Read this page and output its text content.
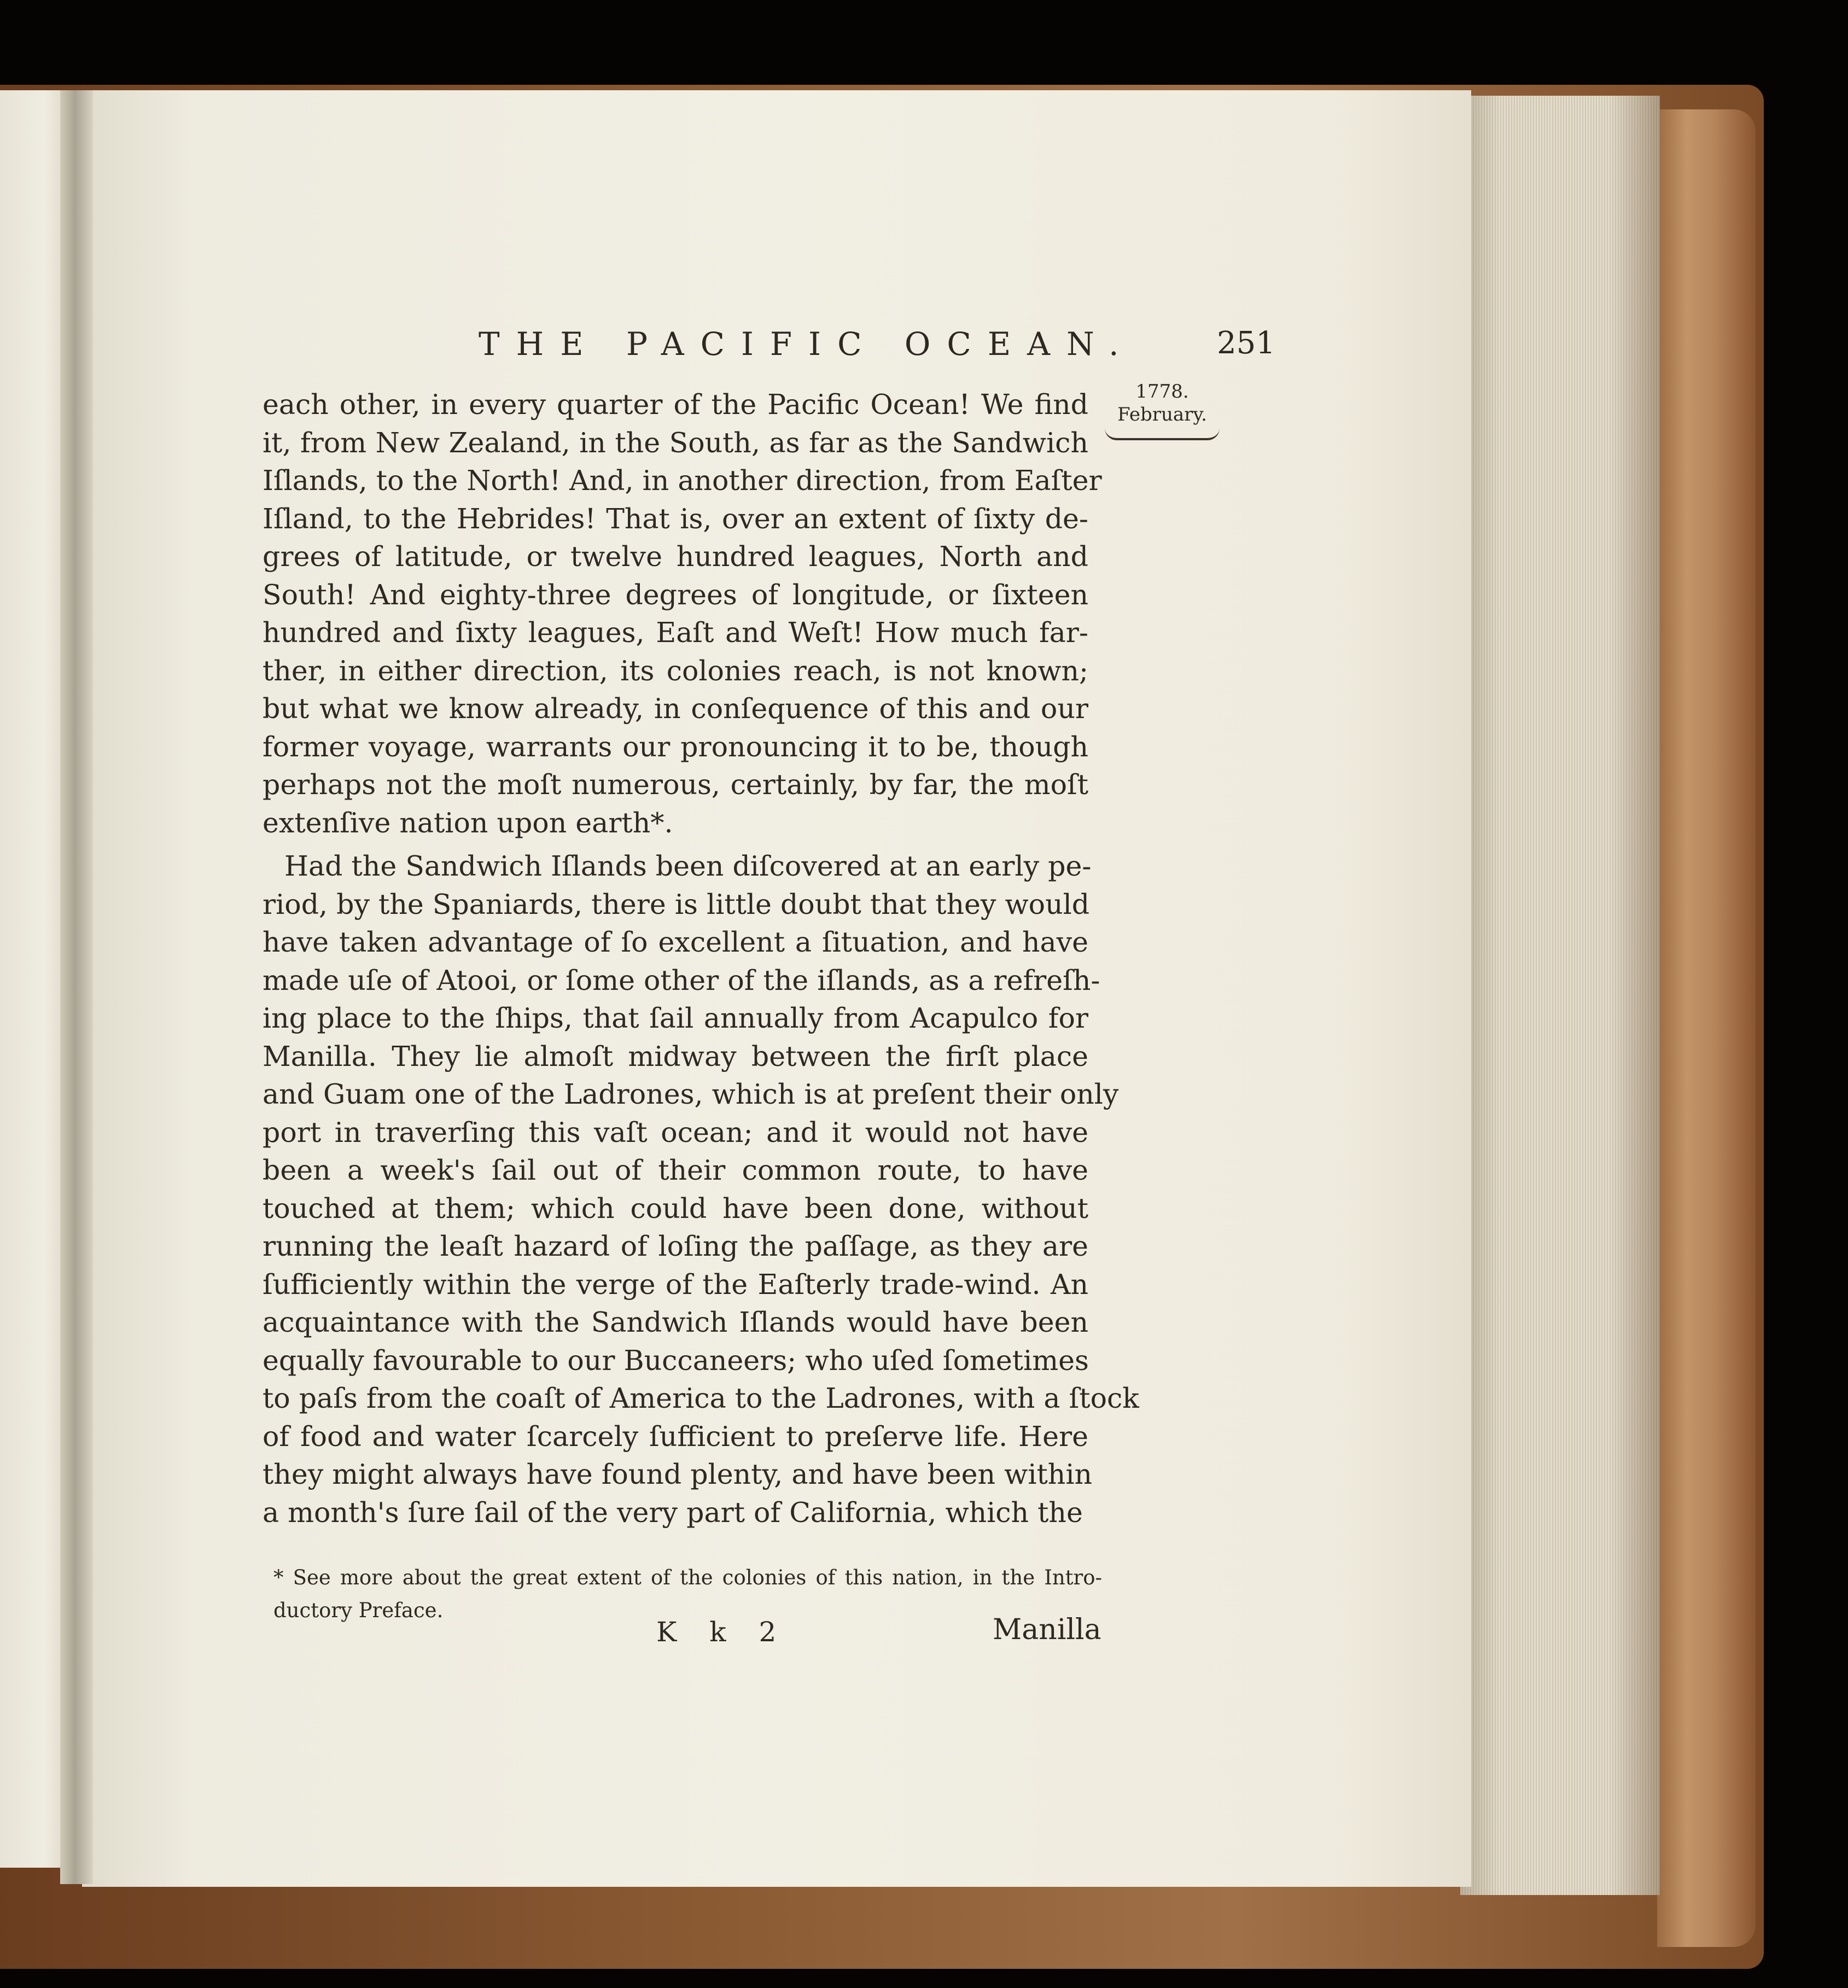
THE PACIFIC OCEAN.	251
1778.
February.

each other, in every quarter of the Pacific Ocean! We find
it, from New Zealand, in the South, as far as the Sandwich
Iſlands, to the North! And, in another direction, from Eaſter
Iſland, to the Hebrides! That is, over an extent of ſixty de-
grees of latitude, or twelve hundred leagues, North and
South! And eighty-three degrees of longitude, or ſixteen
hundred and ſixty leagues, Eaſt and Weſt! How much far-
ther, in either direction, its colonies reach, is not known;
but what we know already, in conſequence of this and our
former voyage, warrants our pronouncing it to be, though
perhaps not the moſt numerous, certainly, by far, the moſt
extenſive nation upon earth*.

Had the Sandwich Iſlands been diſcovered at an early pe-
riod, by the Spaniards, there is little doubt that they would
have taken advantage of ſo excellent a ſituation, and have
made uſe of Atooi, or ſome other of the iſlands, as a refreſh-
ing place to the ſhips, that ſail annually from Acapulco for
Manilla. They lie almoſt midway between the firſt place
and Guam one of the Ladrones, which is at preſent their only
port in traverſing this vaſt ocean; and it would not have
been a week's ſail out of their common route, to have
touched at them; which could have been done, without
running the leaſt hazard of loſing the paſſage, as they are
ſufficiently within the verge of the Eaſterly trade-wind. An
acquaintance with the Sandwich Iſlands would have been
equally favourable to our Buccaneers; who uſed ſometimes
to paſs from the coaſt of America to the Ladrones, with a ſtock
of food and water ſcarcely ſufficient to preſerve life. Here
they might always have found plenty, and have been within
a month's ſure ſail of the very part of California, which the

* See more about the great extent of the colonies of this nation, in the Intro-
ductory Preface.
K k 2	Manilla
